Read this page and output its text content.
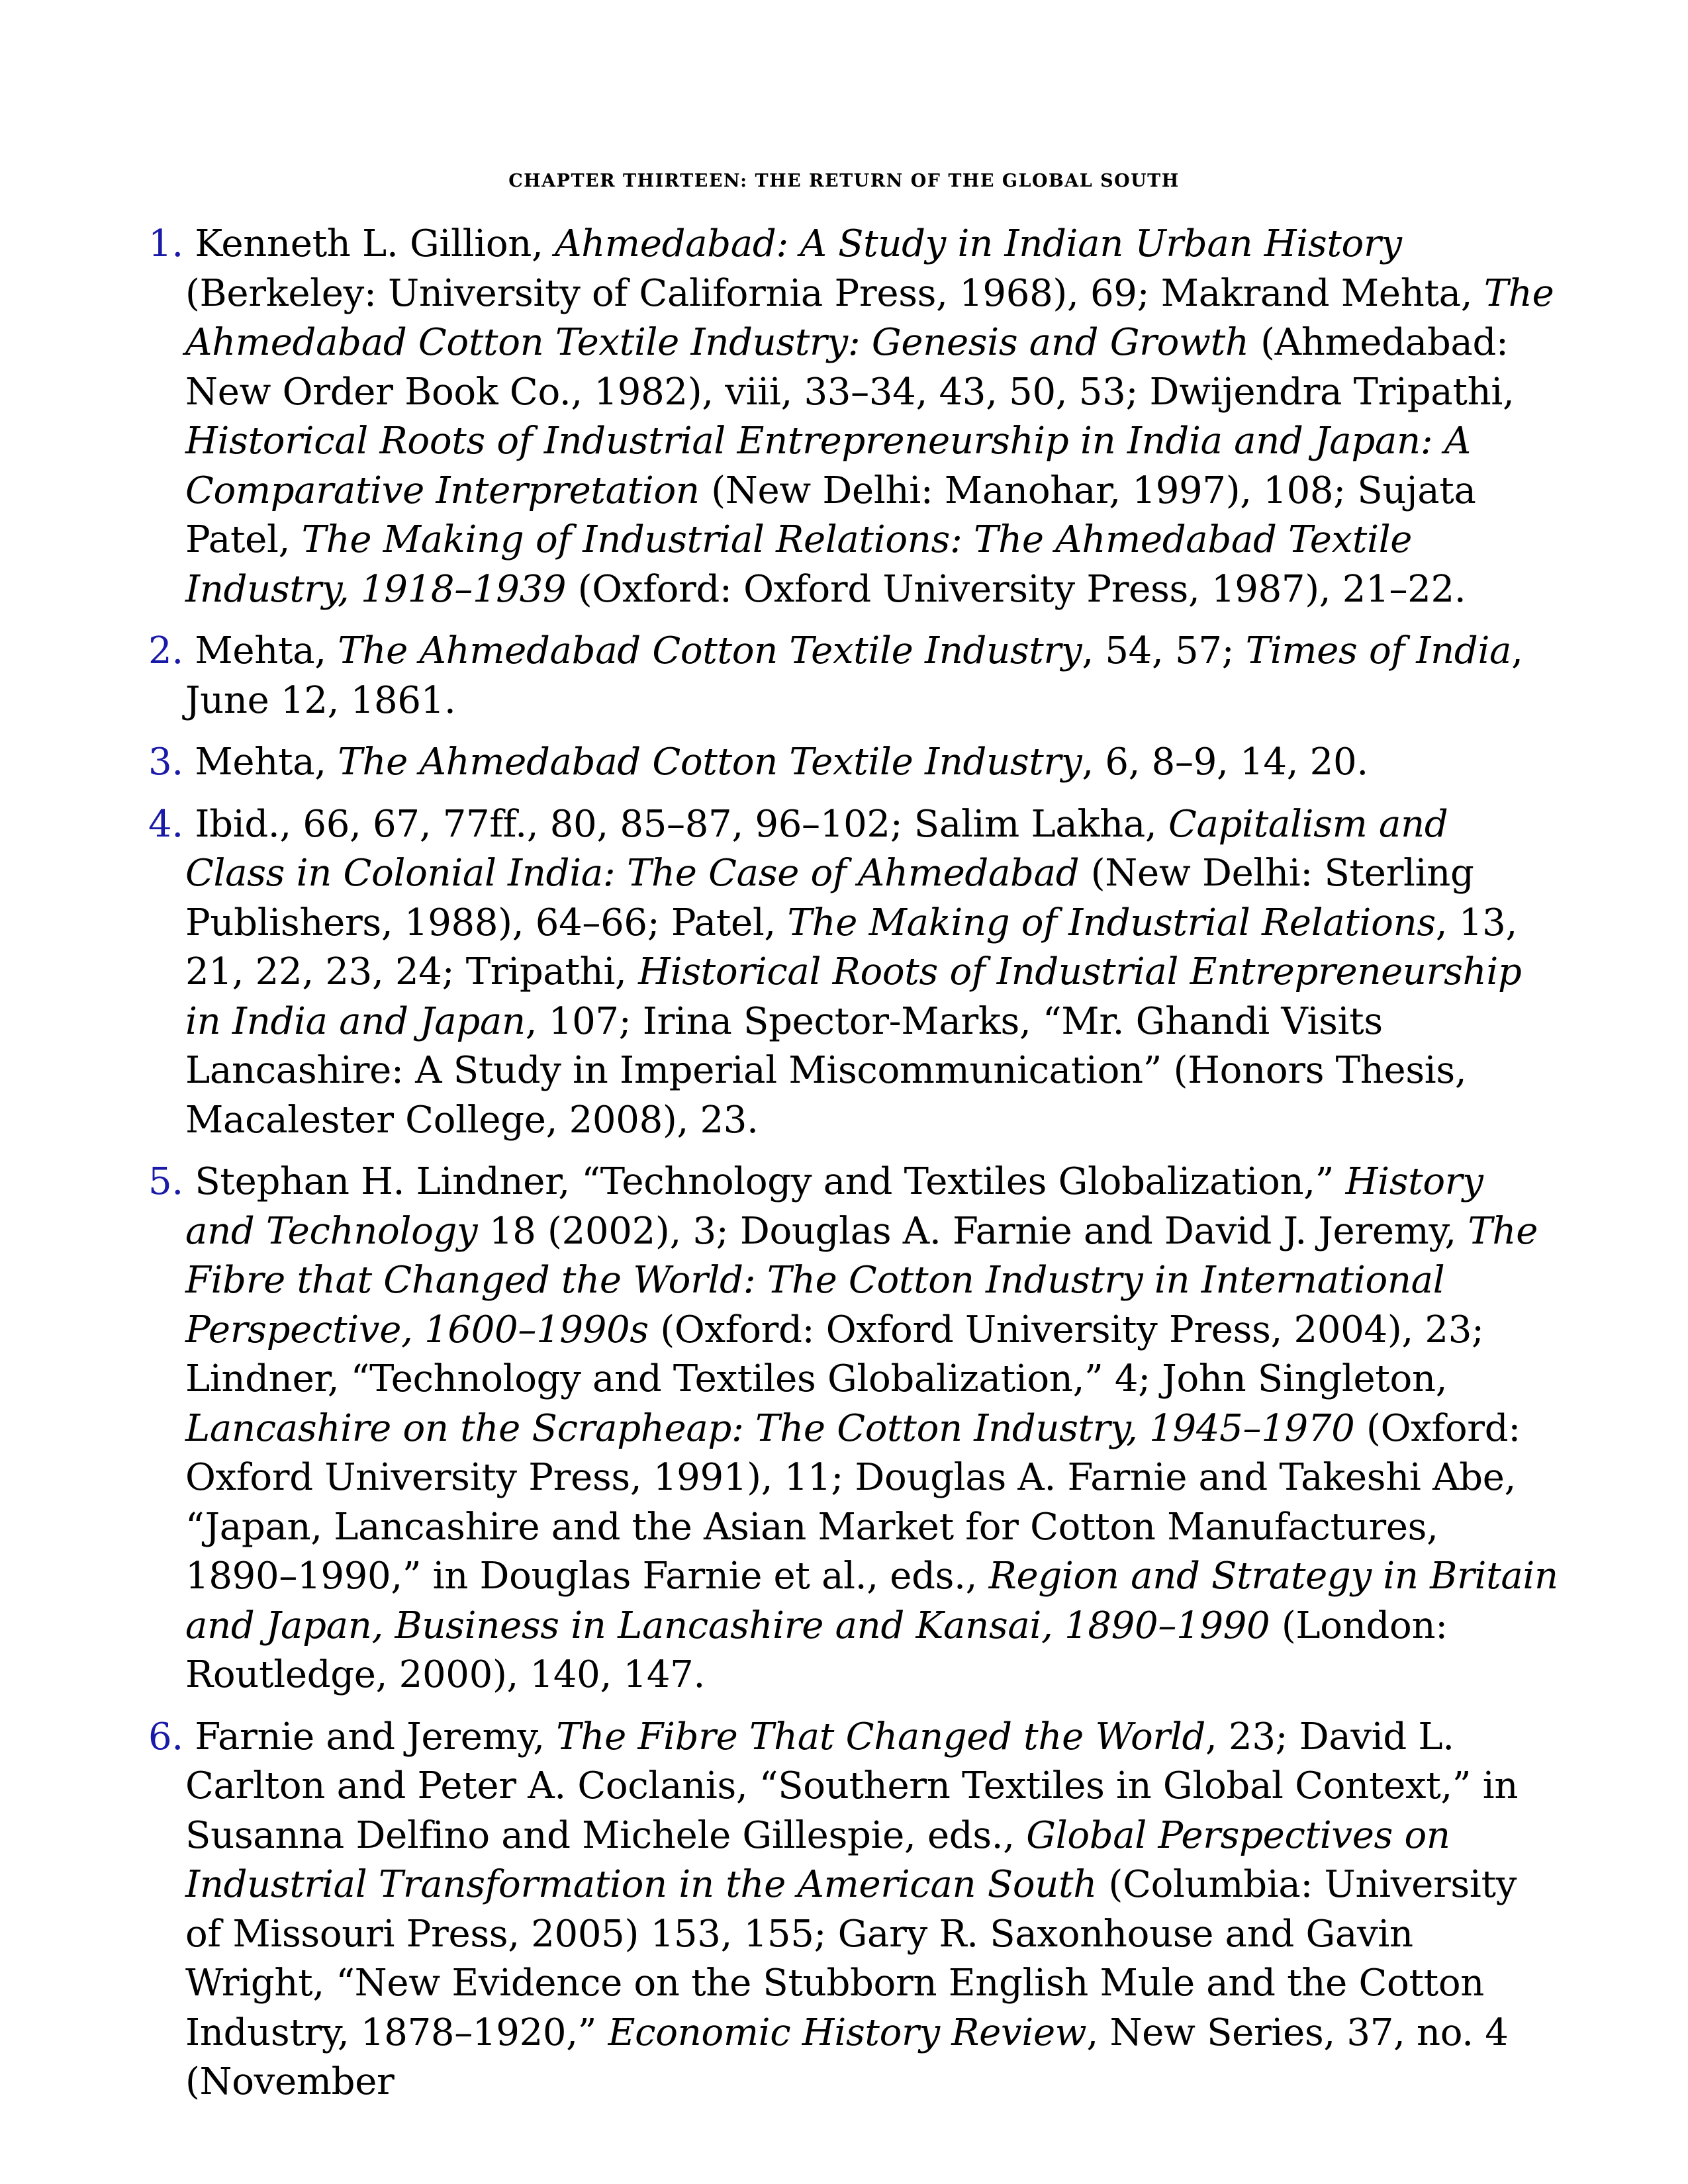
CHAPTER THIRTEEN: THE RETURN OF THE GLOBAL SOUTH
1. Kenneth L. Gillion, Ahmedabad: A Study in Indian Urban History (Berkeley: University of California Press, 1968), 69; Makrand Mehta, The Ahmedabad Cotton Textile Industry: Genesis and Growth (Ahmedabad: New Order Book Co., 1982), viii, 33–34, 43, 50, 53; Dwijendra Tripathi, Historical Roots of Industrial Entrepreneurship in India and Japan: A Comparative Interpretation (New Delhi: Manohar, 1997), 108; Sujata Patel, The Making of Industrial Relations: The Ahmedabad Textile Industry, 1918–1939 (Oxford: Oxford University Press, 1987), 21–22.
2. Mehta, The Ahmedabad Cotton Textile Industry, 54, 57; Times of India, June 12, 1861.
3. Mehta, The Ahmedabad Cotton Textile Industry, 6, 8–9, 14, 20.
4. Ibid., 66, 67, 77ff., 80, 85–87, 96–102; Salim Lakha, Capitalism and Class in Colonial India: The Case of Ahmedabad (New Delhi: Sterling Publishers, 1988), 64–66; Patel, The Making of Industrial Relations, 13, 21, 22, 23, 24; Tripathi, Historical Roots of Industrial Entrepreneurship in India and Japan, 107; Irina Spector-Marks, “Mr. Ghandi Visits Lancashire: A Study in Imperial Miscommunication” (Honors Thesis, Macalester College, 2008), 23.
5. Stephan H. Lindner, “Technology and Textiles Globalization,” History and Technology 18 (2002), 3; Douglas A. Farnie and David J. Jeremy, The Fibre that Changed the World: The Cotton Industry in International Perspective, 1600–1990s (Oxford: Oxford University Press, 2004), 23; Lindner, “Technology and Textiles Globalization,” 4; John Singleton, Lancashire on the Scrapheap: The Cotton Industry, 1945–1970 (Oxford: Oxford University Press, 1991), 11; Douglas A. Farnie and Takeshi Abe, “Japan, Lancashire and the Asian Market for Cotton Manufactures, 1890–1990,” in Douglas Farnie et al., eds., Region and Strategy in Britain and Japan, Business in Lancashire and Kansai, 1890–1990 (London: Routledge, 2000), 140, 147.
6. Farnie and Jeremy, The Fibre That Changed the World, 23; David L. Carlton and Peter A. Coclanis, “Southern Textiles in Global Context,” in Susanna Delfino and Michele Gillespie, eds., Global Perspectives on Industrial Transformation in the American South (Columbia: University of Missouri Press, 2005) 153, 155; Gary R. Saxonhouse and Gavin Wright, “New Evidence on the Stubborn English Mule and the Cotton Industry, 1878–1920,” Economic History Review, New Series, 37, no. 4 (November
